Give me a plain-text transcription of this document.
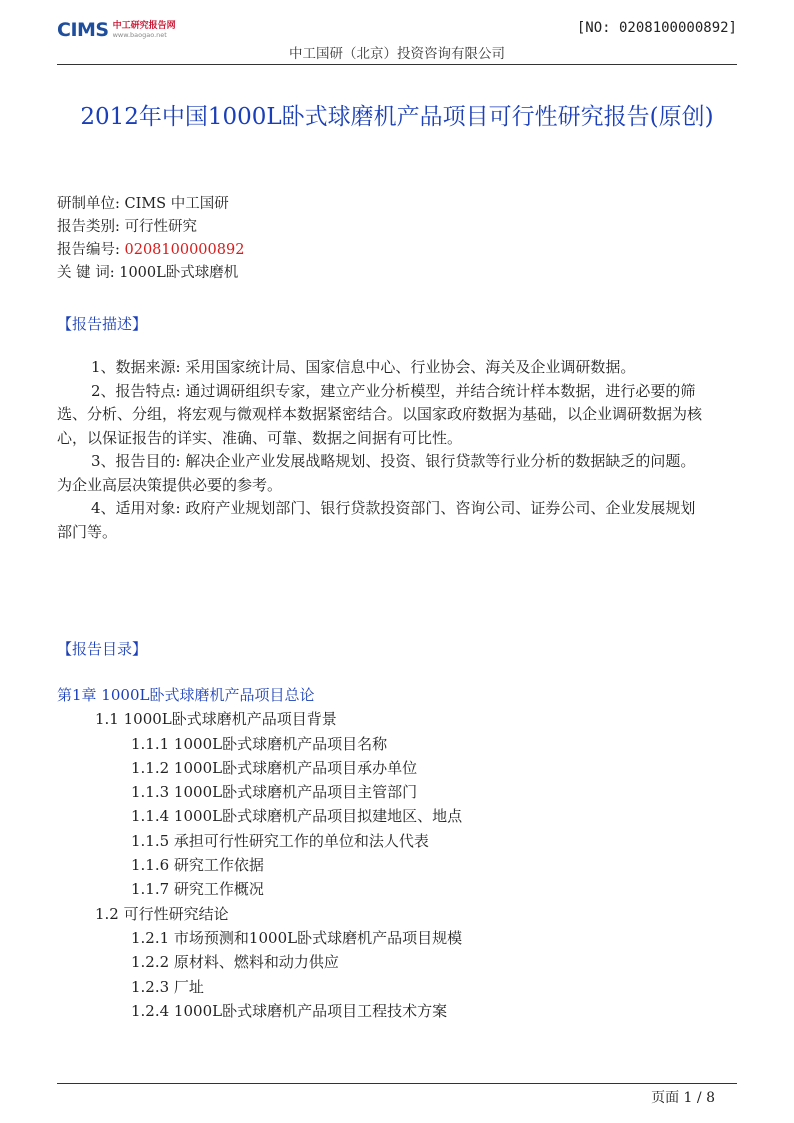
CIMS 中工研究报告网
www.baogao.net	[NO: 0208100000892]
中工国研（北京）投资咨询有限公司
2012年中国1000L卧式球磨机产品项目可行性研究报告(原创)
研制单位: CIMS 中工国研
报告类别: 可行性研究
报告编号: 0208100000892
关 键 词: 1000L卧式球磨机
【报告描述】

1、数据来源: 采用国家统计局、国家信息中心、行业协会、海关及企业调研数据。

2、报告特点: 通过调研组织专家，建立产业分析模型，并结合统计样本数据，进行必要的筛选、分析、分组，将宏观与微观样本数据紧密结合。以国家政府数据为基础，以企业调研数据为核心，以保证报告的详实、准确、可靠、数据之间据有可比性。

3、报告目的: 解决企业产业发展战略规划、投资、银行贷款等行业分析的数据缺乏的问题。为企业高层决策提供必要的参考。

4、适用对象: 政府产业规划部门、银行贷款投资部门、咨询公司、证券公司、企业发展规划部门等。

【报告目录】
第1章 1000L卧式球磨机产品项目总论
1.1 1000L卧式球磨机产品项目背景
1.1.1 1000L卧式球磨机产品项目名称
1.1.2 1000L卧式球磨机产品项目承办单位
1.1.3 1000L卧式球磨机产品项目主管部门
1.1.4 1000L卧式球磨机产品项目拟建地区、地点
1.1.5 承担可行性研究工作的单位和法人代表
1.1.6 研究工作依据
1.1.7 研究工作概况
1.2 可行性研究结论
1.2.1 市场预测和1000L卧式球磨机产品项目规模
1.2.2 原材料、燃料和动力供应
1.2.3 厂址
1.2.4 1000L卧式球磨机产品项目工程技术方案
页面 1 / 8
